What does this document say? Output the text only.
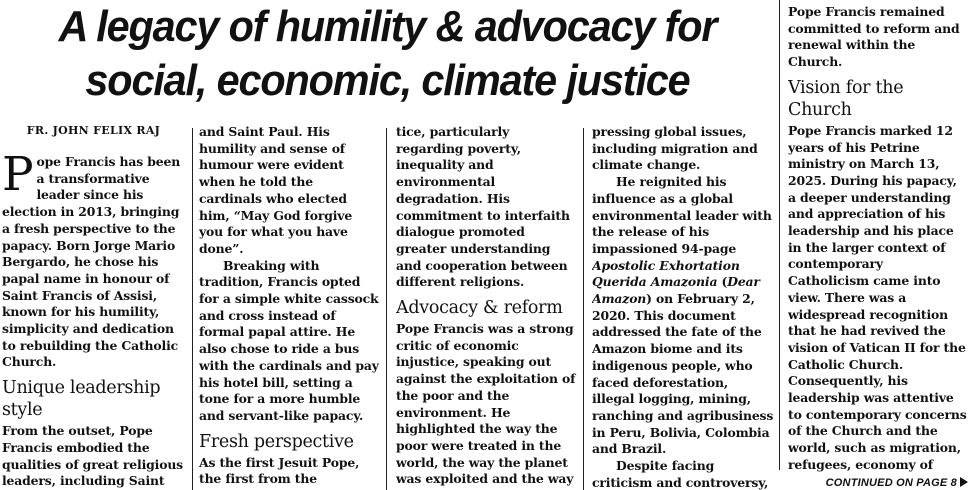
A legacy of humility & advocacy for
social, economic, climate justice
FR. JOHN FELIX RAJ

Pope Francis has been a transformative leader since his election in 2013, bringing a fresh perspective to the papacy. Born Jorge Mario Bergardo, he chose his papal name in honour of Saint Francis of Assisi, known for his humility, simplicity and dedication to rebuilding the Catholic Church.

Unique leadership style

From the outset, Pope Francis embodied the qualities of great religious leaders, including Saint

and Saint Paul. His humility and sense of humour were evident when he told the cardinals who elected him, “May God forgive you for what you have done”.

Breaking with tradition, Francis opted for a simple white cassock and cross instead of formal papal attire. He also chose to ride a bus with the cardinals and pay his hotel bill, setting a tone for a more humble and servant-like papacy.

Fresh perspective

As the first Jesuit Pope, the first from the

tice, particularly regarding poverty, inequality and environmental degradation. His commitment to interfaith dialogue promoted greater understanding and cooperation between different religions.

Advocacy & reform

Pope Francis was a strong critic of economic injustice, speaking out against the exploitation of the poor and the environment. He highlighted the way the poor were treated in the world, the way the planet was exploited and the way

pressing global issues, including migration and climate change.

He reignited his influence as a global environmental leader with the release of his impassioned 94-page Apostolic Exhortation Querida Amazonia (Dear Amazon) on February 2, 2020. This document addressed the fate of the Amazon biome and its indigenous people, who faced deforestation, illegal logging, mining, ranching and agribusiness in Peru, Bolivia, Colombia and Brazil.

Despite facing criticism and controversy,

Pope Francis remained committed to reform and renewal within the Church.

Vision for the Church

Pope Francis marked 12 years of his Petrine ministry on March 13, 2025. During his papacy, a deeper understanding and appreciation of his leadership and his place in the larger context of contemporary Catholicism came into view. There was a widespread recognition that he had revived the vision of Vatican II for the Catholic Church. Consequently, his leadership was attentive to contemporary concerns of the Church and the world, such as migration, refugees, economy of

CONTINUED ON PAGE 8
